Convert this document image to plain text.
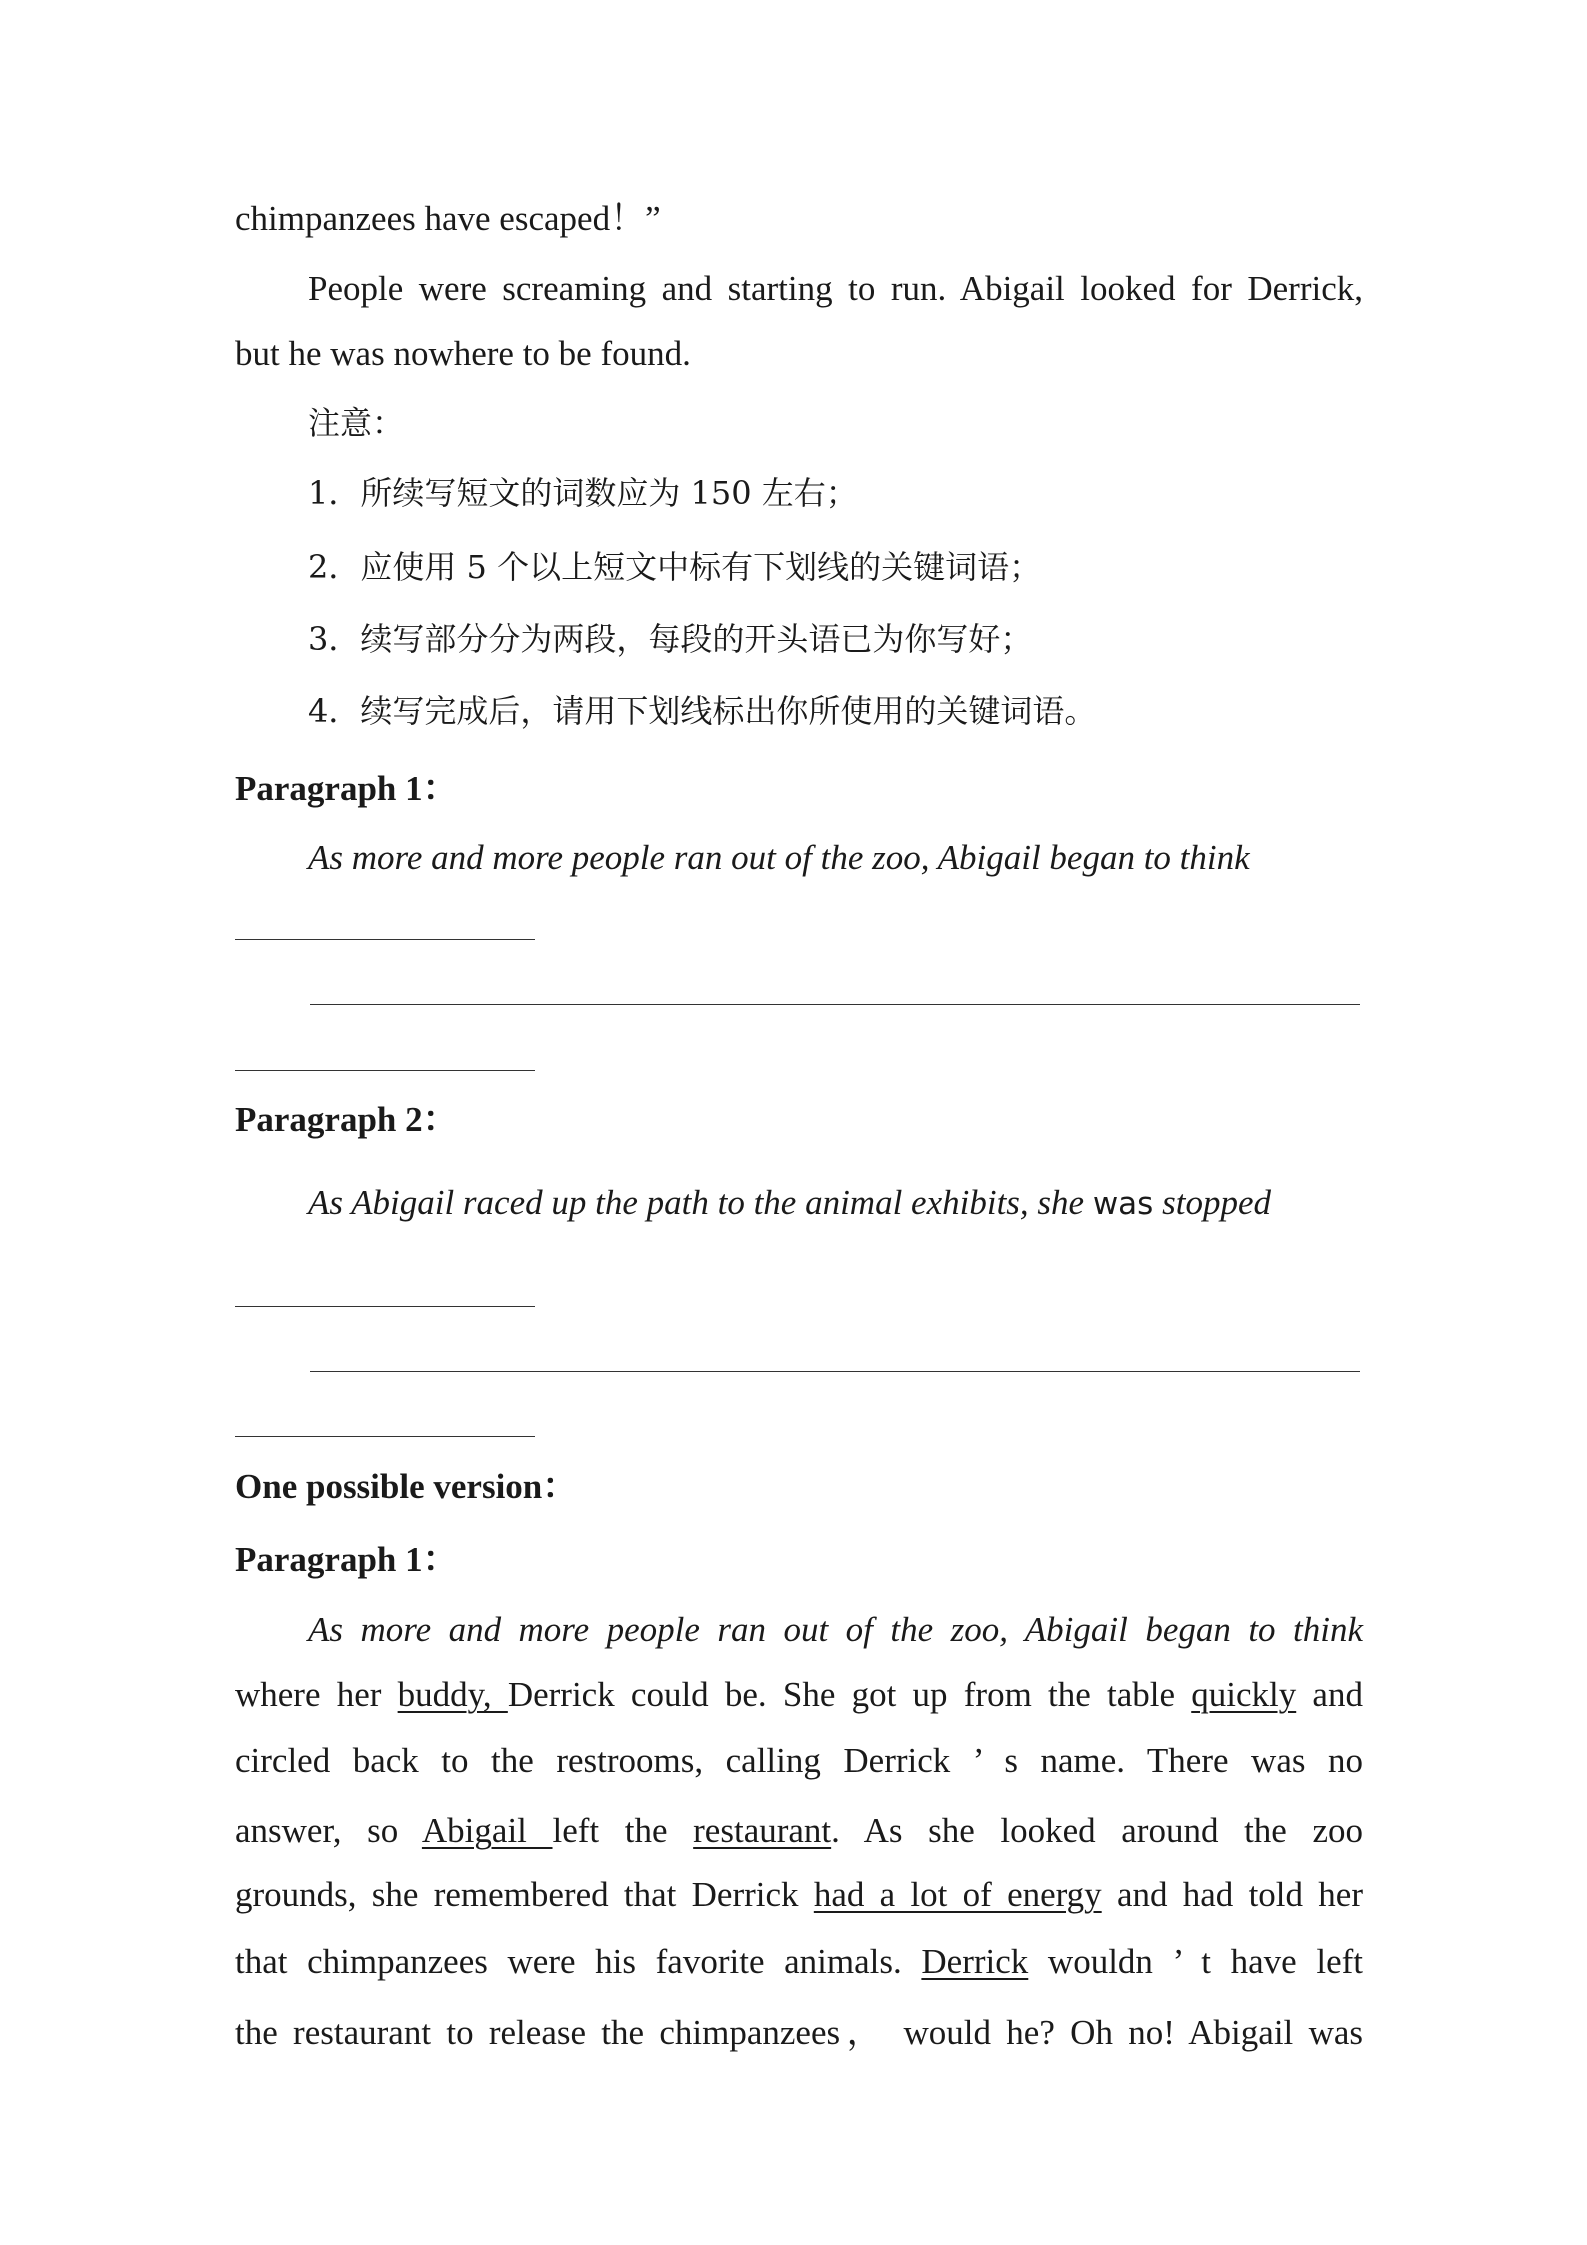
chimpanzees have escaped！”
People were screaming and starting to run. Abigail looked for Derrick,
but he was nowhere to be found.
注意：
1．所续写短文的词数应为 150 左右；
2．应使用 5 个以上短文中标有下划线的关键词语；
3．续写部分分为两段，每段的开头语已为你写好；
4．续写完成后，请用下划线标出你所使用的关键词语。
Paragraph 1：
As more and more people ran out of the zoo, Abigail began to think
Paragraph 2：
As Abigail raced up the path to the animal exhibits, she was stopped
One possible version：
Paragraph 1：
As more and more people ran out of the zoo, Abigail began to think
where her buddy, Derrick could be. She got up from the table quickly and
circled back to the restrooms, calling Derrick ’ s name. There was no
answer, so Abigail left the restaurant. As she looked around the zoo
grounds, she remembered that Derrick had a lot of energy and had told her
that chimpanzees were his favorite animals. Derrick wouldn ’ t have left
the restaurant to release the chimpanzees， would he? Oh no! Abigail was
